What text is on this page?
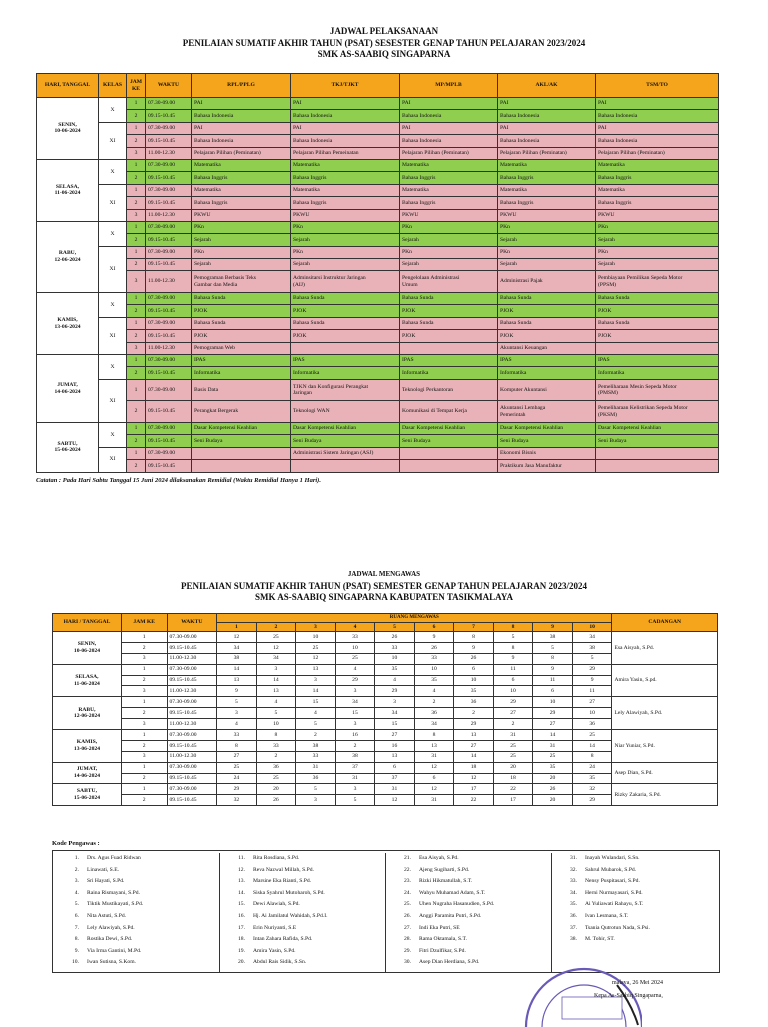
JADWAL PELAKSANAAN
PENILAIAN SUMATIF AKHIR TAHUN (PSAT) SESESTER GENAP TAHUN PELAJARAN 2023/2024
SMK AS-SAABIQ SINGAPARNA
HARI, TANGGAL	KELAS	JAM
KE	WAKTU	RPL/PPLG	TKJ/TJKT	MP/MPLB	AKL/AK	TSM/TO
SENIN,
10-06-2024	X	1	07.30-09.00	PAI	PAI	PAI	PAI	PAI
		2	09.15-10.45	Bahasa Indonesia	Bahasa Indonesia	Bahasa Indonesia	Bahasa Indonesia	Bahasa Indonesia
	XI	1	07.30-09.00	PAI	PAI	PAI	PAI	PAI
		2	09.15-10.45	Bahasa Indonesia	Bahasa Indonesia	Bahasa Indonesia	Bahasa Indonesia	Bahasa Indonesia
		3	11.00-12.30	Pelajaran Pilihan (Peminatan)	Pelajaran Pilihan Pemeinatan	Pelajaran Pilihan (Peminatan)	Pelajaran Pilihan (Peminatan)	Pelajaran Pilihan (Peminatan)
SELASA,
11-06-2024	X	1	07.30-09.00	Matematika	Matematika	Matematika	Matematika	Matematika
		2	09.15-10.45	Bahasa Inggris	Bahasa Inggris	Bahasa Inggris	Bahasa Inggris	Bahasa Inggris
	XI	1	07.30-09.00	Matematika	Matematika	Matematika	Matematika	Matematika
		2	09.15-10.45	Bahasa Inggris	Bahasa Inggris	Bahasa Inggris	Bahasa Inggris	Bahasa Inggris
		3	11.00-12.30	PKWU	PKWU	PKWU	PKWU	PKWU
RABU,
12-06-2024	X	1	07.30-09.00	PKn	PKn	PKn	PKn	PKn
		2	09.15-10.45	Sejarah	Sejarah	Sejarah	Sejarah	Sejarah
	XI	1	07.30-09.00	PKn	PKn	PKn	PKn	PKn
		2	09.15-10.45	Sejarah	Sejarah	Sejarah	Sejarah	Sejarah
		3	11.00-12.30	Pemograman Berbasis Teks
Gambar dan Media	Adminsitarsi Instruktur Jaringan
(AIJ)	Pengelolaan Administrasi
Umum	Administrasi Pajak	Pembiayaan Pemilikan Sepeda Motor
(PPSM)
KAMIS,
13-06-2024	X	1	07.30-09.00	Bahasa Sunda	Bahasa Sunda	Bahasa Sunda	Bahasa Sunda	Bahasa Sunda
		2	09.15-10.45	PJOK	PJOK	PJOK	PJOK	PJOK
	XI	1	07.30-09.00	Bahasa Sunda	Bahasa Sunda	Bahasa Sunda	Bahasa Sunda	Bahasa Sunda
		2	09.15-10.45	PJOK	PJOK	PJOK	PJOK	PJOK
		3	11.00-12.30	Pemograman Web			Akuntansi Keuangan	
JUMAT,
14-06-2024	X	1	07.30-09.00	IPAS	IPAS	IPAS	IPAS	IPAS
		2	09.15-10.45	Informatika	Informatika	Informatika	Informatika	Informatika
	XI	1	07.30-09.00	Basis Data	TJKN dan Konfigurasi Perangkat
Jaringan	Teknologi Perkantoran	Komputer Akuntansi	Pemeliharaan Mesin Sepeda Motor
(PMSM)
		2	09.15-10.45	Perangkat Bergerak	Teknologi WAN	Komunikasi di Tempat Kerja	Akuntansi Lembaga
Pemerintah	Pemeliharaan Kelistrikan Sepeda Motor
(PKSM)
SABTU,
15-06-2024	X	1	07.30-09.00	Dasar Kompetensi Keahlian	Dasar Kompetensi Keahlian	Dasar Kompetensi Keahlian	Dasar Kompetensi Keahlian	Dasar Kompetensi Keahlian
		2	09.15-10.45	Seni Budaya	Seni Budaya	Seni Budaya	Seni Budaya	Seni Budaya
	XI	1	07.30-09.00		Administrasi Sistem Jaringan (ASJ)		Ekonomi Bisnis	
		2	09.15-10.45				Praktikum Jasa Manufaktur	
Catatan : Pada Hari Sabtu Tanggal 15 Juni 2024 dilaksanakan Remidial (Waktu Remidial Hanya 1 Hari).
JADWAL MENGAWAS
PENILAIAN SUMATIF AKHIR TAHUN (PSAT) SEMESTER GENAP TAHUN PELAJARAN 2023/2024
SMK AS-SAABIQ SINGAPARNA KABUPATEN TASIKMALAYA
HARI / TANGGAL	JAM KE	WAKTU	RUANG MENGAWAS										CADANGAN
			1	2	3	4	5	6	7	8	9	10	
SENIN,
10-06-2024	1	07.30-09.00	12	25	10	33	26	9	8	5	38	34	Esa Aisyah, S.Pd.
	2	09.15-10.45	34	12	25	10	33	26	9	8	5	38	
	3	11.00-12.30	38	34	12	25	10	33	26	9	8	5	
SELASA,
11-06-2024	1	07.30-09.00	14	3	13	4	35	10	6	11	9	29	Amira Yasin, S.pd.
	2	09.15-10.45	13	14	3	29	4	35	10	6	11	9	
	3	11.00-12.30	9	13	14	3	29	4	35	10	6	11	
RABU,
12-06-2024	1	07.30-09.00	5	4	15	34	3	2	36	29	10	27	Lely Alawiyah, S.Pd.
	2	09.15-10.45	3	5	4	15	34	36	2	27	29	10	
	3	11.00-12.30	4	10	5	3	15	34	29	2	27	36	
KAMIS,
13-06-2024	1	07.30-09.00	33	8	2	16	27	8	13	31	14	25	Niar Yuniar, S.Pd.
	2	09.15-10.45	8	33	38	2	16	13	27	25	31	14	
	3	11.00-12.30	27	2	33	38	13	31	14	25	25	8	
JUMAT,
14-06-2024	1	07.30-09.00	25	36	31	37	6	12	18	20	35	24	Asep Dian, S.Pd.
	2	09.15-10.45	24	25	36	31	37	6	12	18	20	35	
SABTU,
15-06-2024	1	07.30-09.00	29	20	5	3	31	12	17	22	26	32	Rizky Zakaria, S.Pd.
	2	09.15-10.45	32	26	3	5	12	31	22	17	20	29	
Kode Pengawas :
1.	Drs. Agus Fuad Ridwan
2.	Linawati, S.E.
3.	Sri Hayati, S.Pd.
4.	Raina Rismayani, S.Pd.
5.	Tiktik Mustikayati, S.Pd.
6.	Nita Astuti, S.Pd.
7.	Lely Alawiyah, S.Pd.
8.	Rostika Dewi, S.Pd.
9.	Via Irma Gantini, M.Pd.
10.	Iwan Sutisna, S.Kom.
11.	Rita Rosdiana, S.Pd.
12.	Reva Nazwal Millah, S.Pd.
13.	Marsine Eka Rianti, S.Pd.
14.	Siska Syahrul Mutoharoh, S.Pd.
15.	Dewi Alawiah, S.Pd.
16.	Hj. Ai Jamilatul Wahidah, S.Pd.I.
17.	Erin Nuriyanti, S.E
18.	Intan Zahara Rafida, S.Pd.
19.	Amira Yasin, S.Pd.
20.	Abdul Rais Sidik, S.Sn.
21.	Esa Aisyah, S.Pd.
22.	Ajeng Sugiharti, S.Pd.
23.	Rizki Hikmatullah, S.T.
24.	Wahyu Muhamad Adam, S.T.
25.	Uhen Nugraha Hasanudien, S.Pd.
26.	Anggi Paramita Putri, S.Pd.
27.	Indi Eka Putri, SE
28.	Rama Oktamala, S.T.
29.	Fitri Dzulfikar, S.Pd.
30.	Asep Dian Herdiana, S.Pd.
31.	Inayah Wulandari, S.Sn.
32.	Sahrul Mubarok, S.Pd.
33.	Nensy Puspitasari, S.Pd.
34.	Herni Nurmayasari, S.Pd.
35.	Ai Yuliawati Rahayu, S.T.
36.	Ivan Lesmana, S.T.
37.	Tsania Qutrotun Nada, S.Psi.
38.	M. Tohir, ST.
malaya, 26 Mei 2024
Kepa As-Saabiq Singaparna,
